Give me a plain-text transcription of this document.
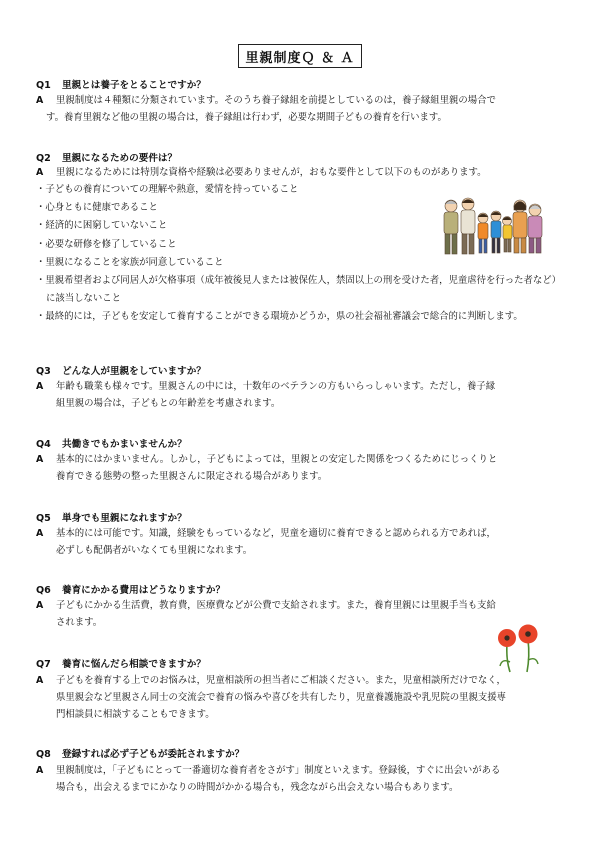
里親制度Ｑ ＆ Ａ
Q1 里親とは養子をとることですか？
A	里親制度は４種類に分類されています。そのうち養子縁組を前提としているのは，養子縁組里親の場合で
す。養育里親など他の里親の場合は，養子縁組は行わず，必要な期間子どもの養育を行います。
Q2 里親になるための要件は？
A	里親になるためには特別な資格や経験は必要ありませんが，おもな要件として以下のものがあります。
・子どもの養育についての理解や熱意，愛情を持っていること
・心身ともに健康であること
・経済的に困窮していないこと
・必要な研修を修了していること
・里親になることを家族が同意していること
・里親希望者および同居人が欠格事項（成年被後見人または被保佐人，禁固以上の刑を受けた者，児童虐待を行った者など）に該当しないこと
・最終的には，子どもを安定して養育することができる環境かどうか，県の社会福祉審議会で総合的に判断します。
Q3 どんな人が里親をしていますか？
A	年齢も職業も様々です。里親さんの中には，十数年のベテランの方もいらっしゃいます。ただし，養子縁
組里親の場合は，子どもとの年齢差を考慮されます。
Q4 共働きでもかまいませんか？
A	基本的にはかまいません。しかし，子どもによっては，里親との安定した関係をつくるためにじっくりと
養育できる態勢の整った里親さんに限定される場合があります。
Q5 単身でも里親になれますか？
A	基本的には可能です。知識，経験をもっているなど，児童を適切に養育できると認められる方であれば，
必ずしも配偶者がいなくても里親になれます。
Q6 養育にかかる費用はどうなりますか？
A	子どもにかかる生活費，教育費，医療費などが公費で支給されます。また，養育里親には里親手当も支給
されます。
Q7 養育に悩んだら相談できますか？
A	子どもを養育する上でのお悩みは，児童相談所の担当者にご相談ください。また，児童相談所だけでなく，
県里親会など里親さん同士の交流会で養育の悩みや喜びを共有したり，児童養護施設や乳児院の里親支援専
門相談員に相談することもできます。
Q8 登録すれば必ず子どもが委託されますか？
A	里親制度は，「子どもにとって一番適切な養育者をさがす」制度といえます。登録後，すぐに出会いがある
場合も，出会えるまでにかなりの時間がかかる場合も，残念ながら出会えない場合もあります。
